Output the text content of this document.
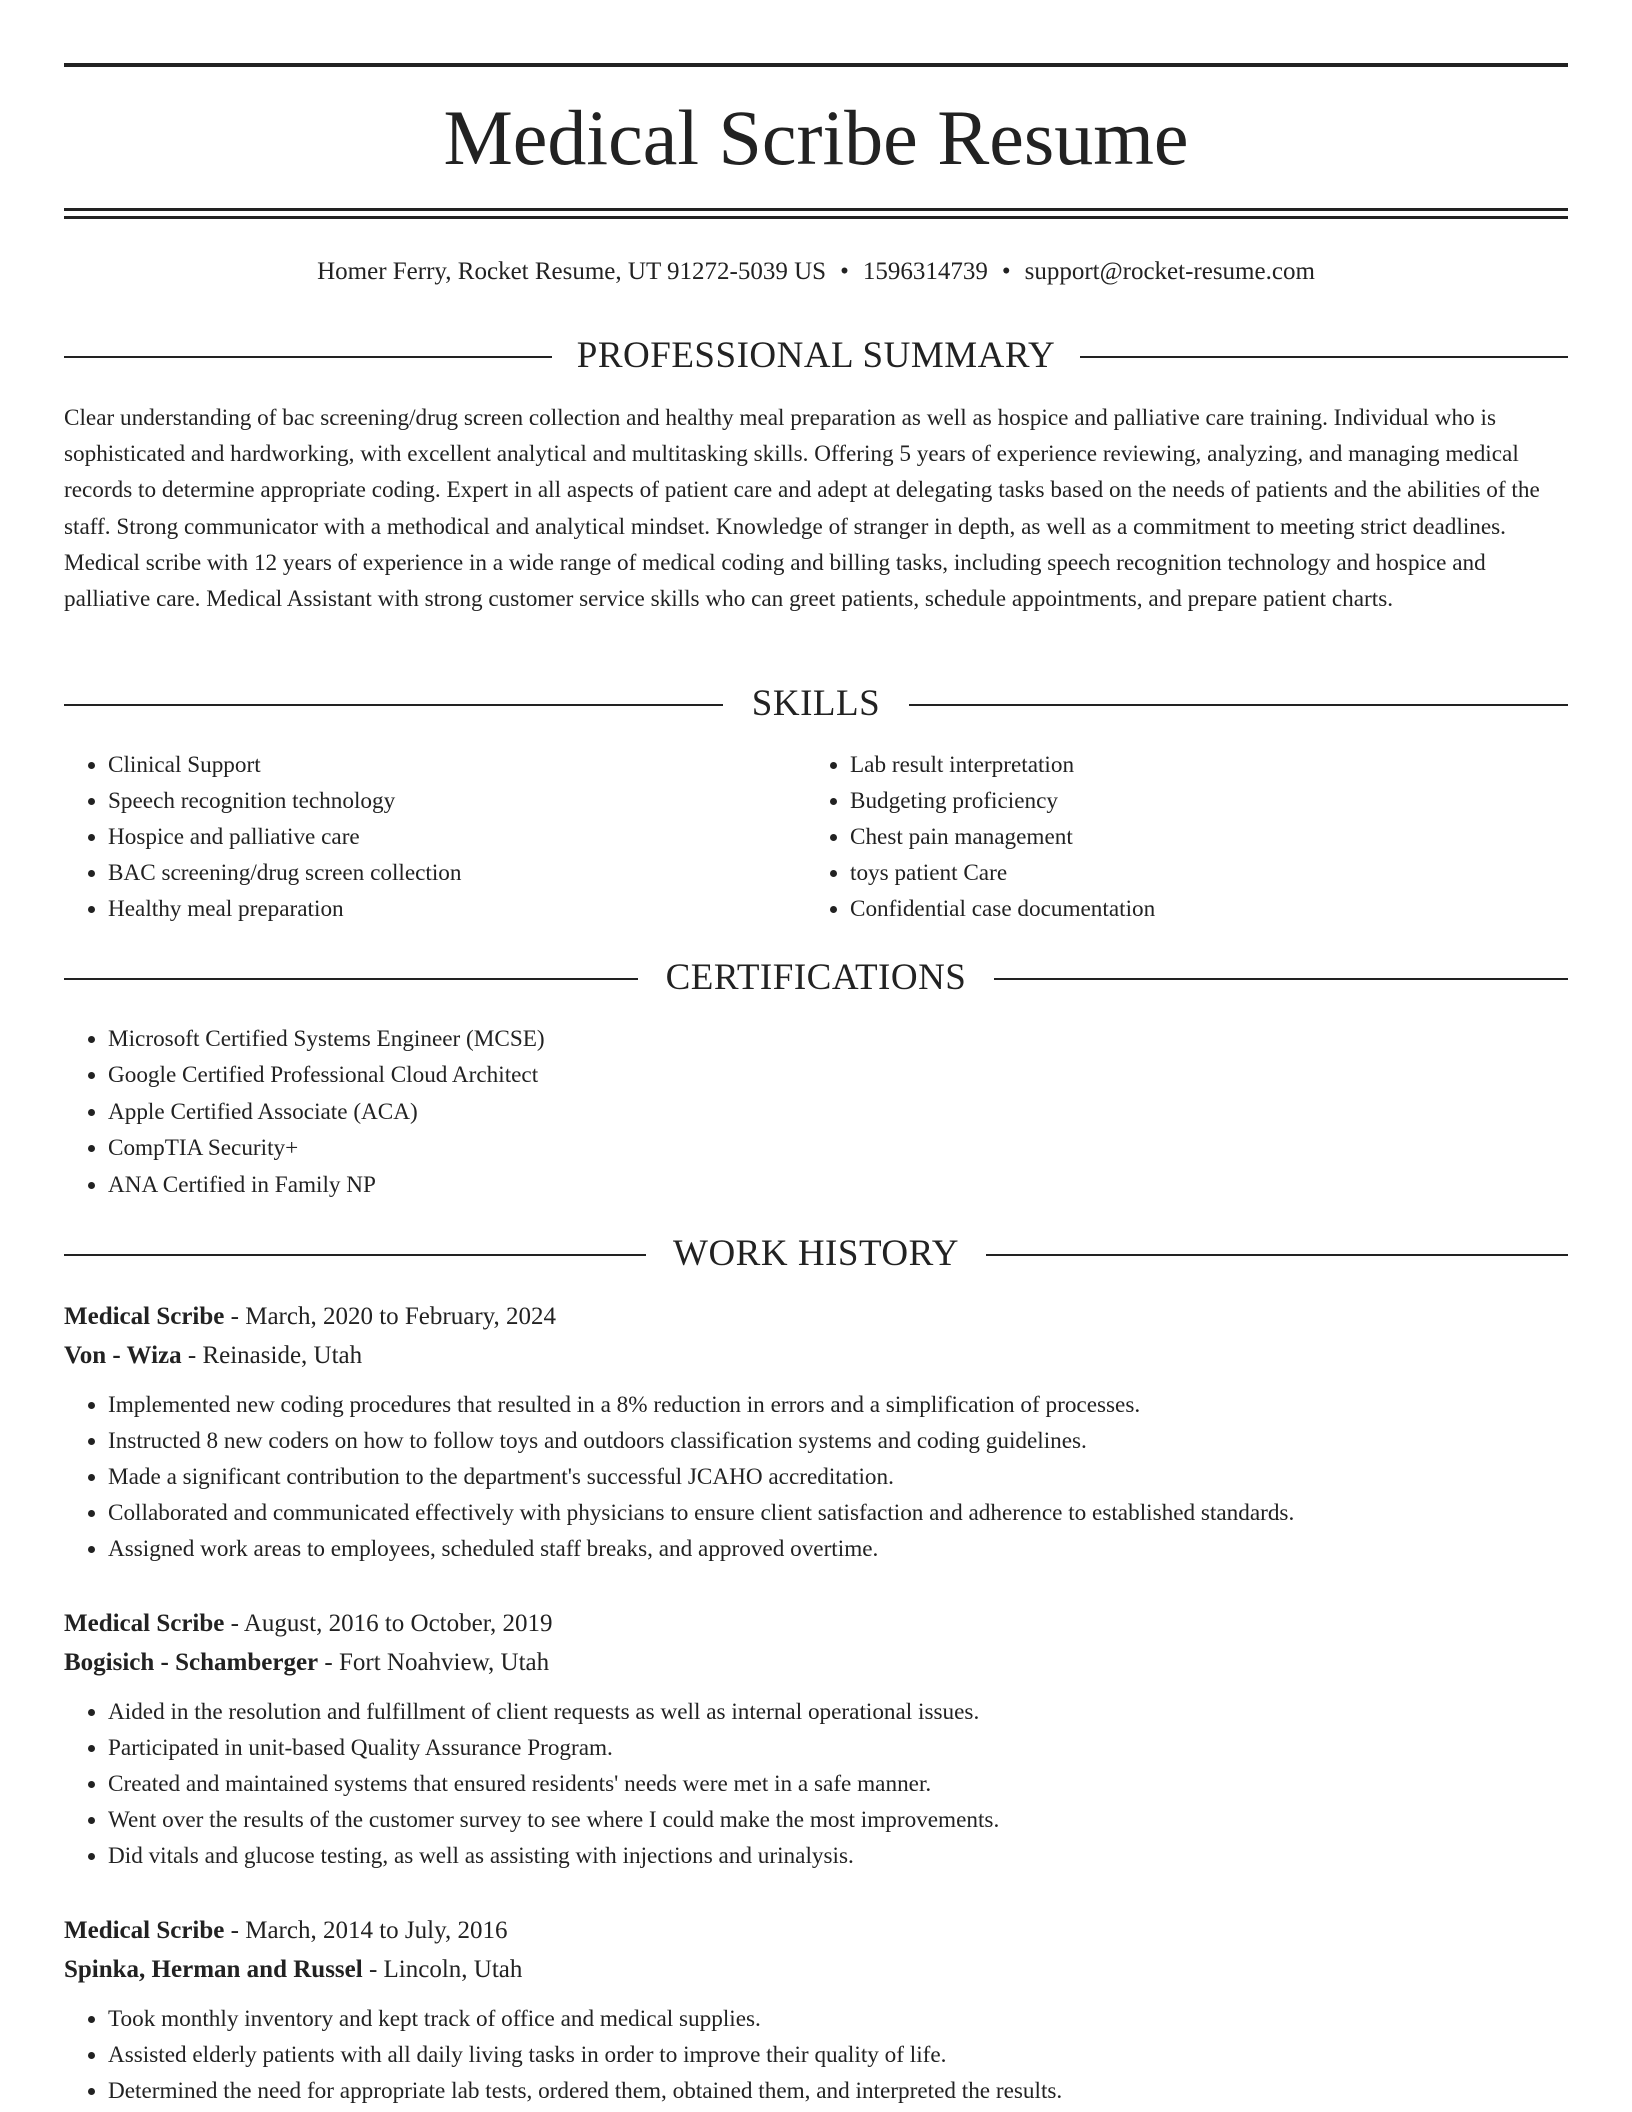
Medical Scribe Resume
Homer Ferry, Rocket Resume, UT 91272-5039 US • 1596314739 • support@rocket-resume.com
PROFESSIONAL SUMMARY

Clear understanding of bac screening/drug screen collection and healthy meal preparation as well as hospice and palliative care training. Individual who is sophisticated and hardworking, with excellent analytical and multitasking skills. Offering 5 years of experience reviewing, analyzing, and managing medical records to determine appropriate coding. Expert in all aspects of patient care and adept at delegating tasks based on the needs of patients and the abilities of the staff. Strong communicator with a methodical and analytical mindset. Knowledge of stranger in depth, as well as a commitment to meeting strict deadlines. Medical scribe with 12 years of experience in a wide range of medical coding and billing tasks, including speech recognition technology and hospice and palliative care. Medical Assistant with strong customer service skills who can greet patients, schedule appointments, and prepare patient charts.

SKILLS
• Clinical Support
• Speech recognition technology
• Hospice and palliative care
• BAC screening/drug screen collection
• Healthy meal preparation
• Lab result interpretation
• Budgeting proficiency
• Chest pain management
• toys patient Care
• Confidential case documentation
CERTIFICATIONS
• Microsoft Certified Systems Engineer (MCSE)
• Google Certified Professional Cloud Architect
• Apple Certified Associate (ACA)
• CompTIA Security+
• ANA Certified in Family NP
WORK HISTORY
Medical Scribe - March, 2020 to February, 2024
Von - Wiza - Reinaside, Utah
• Implemented new coding procedures that resulted in a 8% reduction in errors and a simplification of processes.
• Instructed 8 new coders on how to follow toys and outdoors classification systems and coding guidelines.
• Made a significant contribution to the department's successful JCAHO accreditation.
• Collaborated and communicated effectively with physicians to ensure client satisfaction and adherence to established standards.
• Assigned work areas to employees, scheduled staff breaks, and approved overtime.
Medical Scribe - August, 2016 to October, 2019
Bogisich - Schamberger - Fort Noahview, Utah
• Aided in the resolution and fulfillment of client requests as well as internal operational issues.
• Participated in unit-based Quality Assurance Program.
• Created and maintained systems that ensured residents' needs were met in a safe manner.
• Went over the results of the customer survey to see where I could make the most improvements.
• Did vitals and glucose testing, as well as assisting with injections and urinalysis.
Medical Scribe - March, 2014 to July, 2016
Spinka, Herman and Russel - Lincoln, Utah
• Took monthly inventory and kept track of office and medical supplies.
• Assisted elderly patients with all daily living tasks in order to improve their quality of life.
• Determined the need for appropriate lab tests, ordered them, obtained them, and interpreted the results.
